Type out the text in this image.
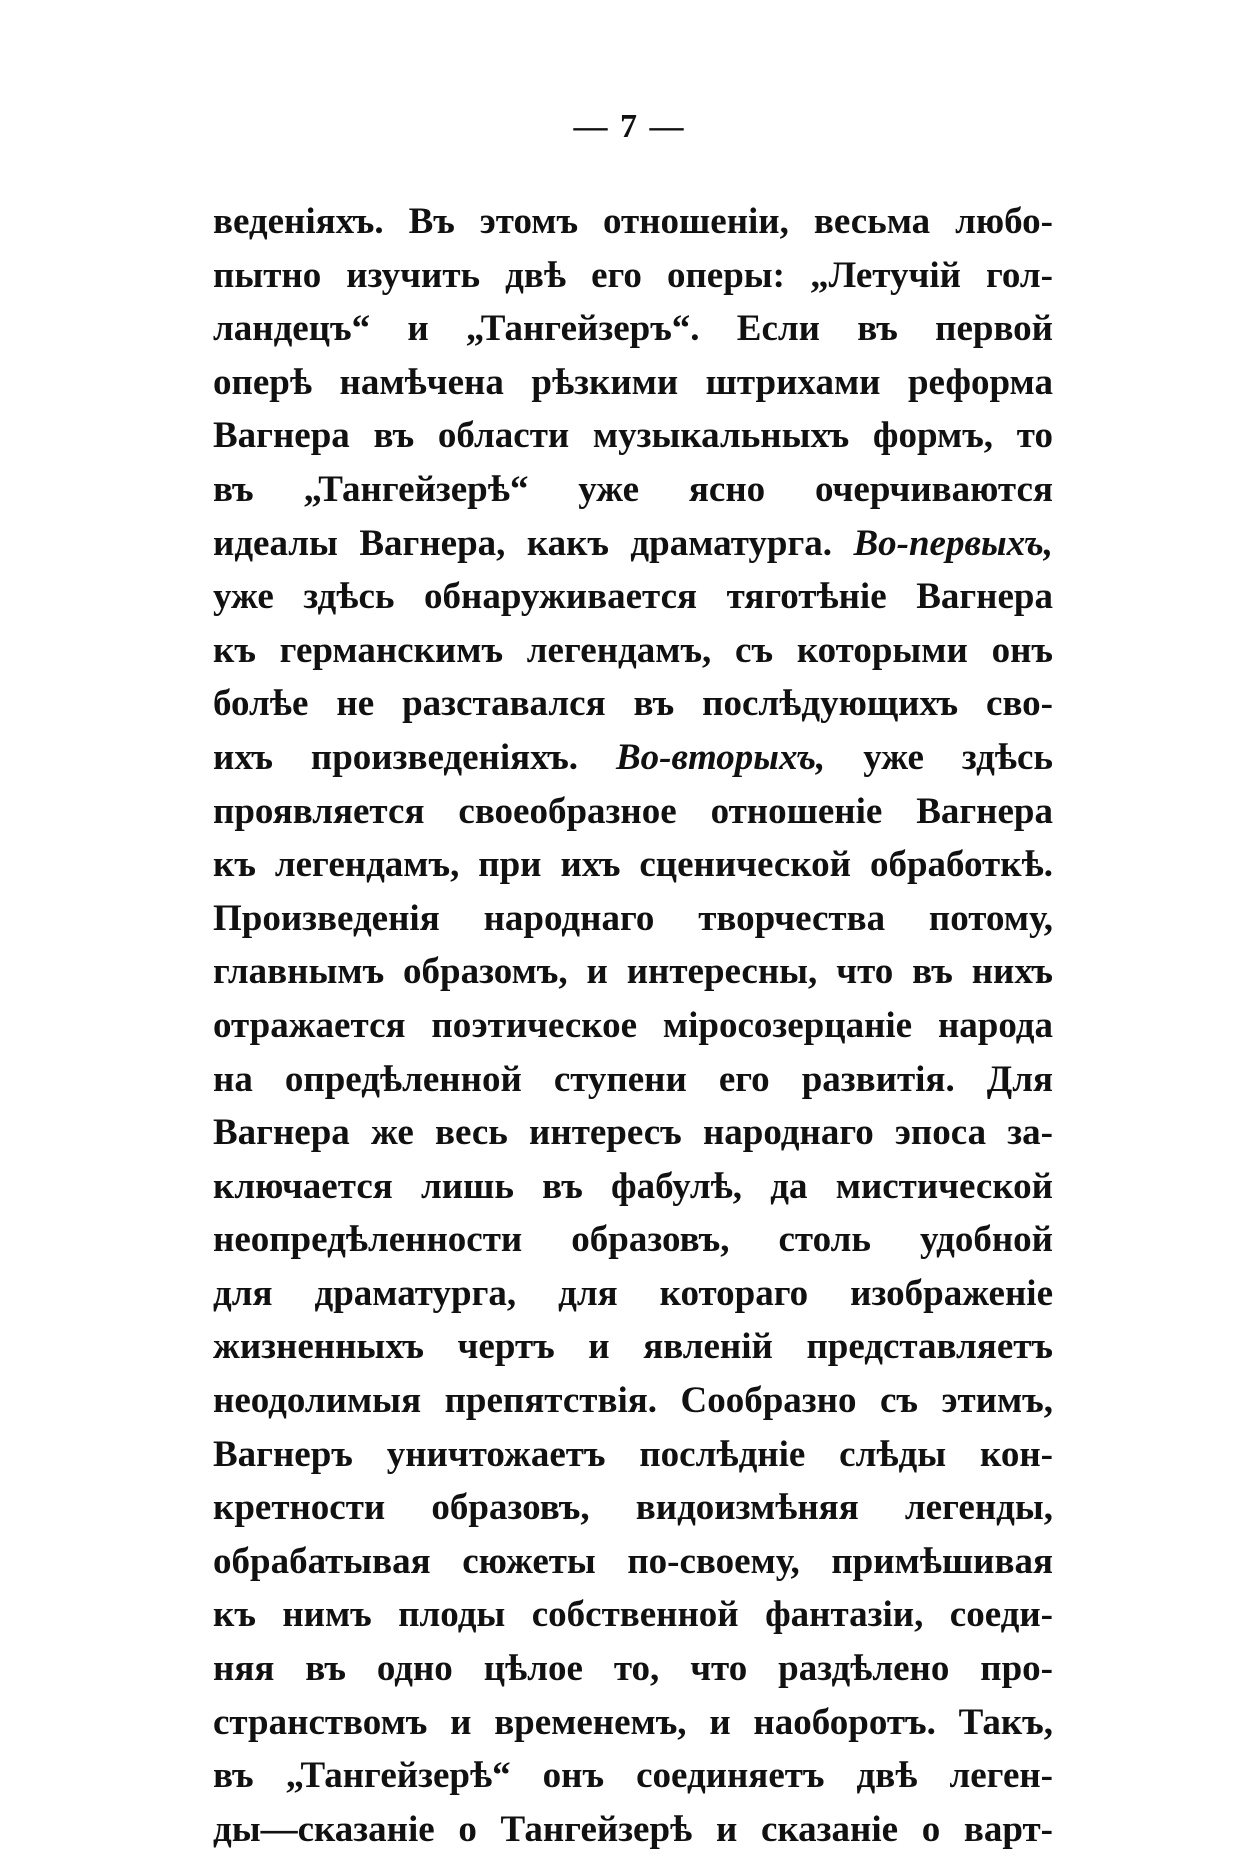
— 7 —
веденіяхъ. Въ этомъ отношеніи, весьма любо-
пытно изучить двѣ его оперы: „Летучій гол-
ландецъ“ и „Тангейзеръ“. Если въ первой
оперѣ намѣчена рѣзкими штрихами реформа
Вагнера въ области музыкальныхъ формъ, то
въ „Тангейзерѣ“ уже ясно очерчиваются
идеалы Вагнера, какъ драматурга. Во-первыхъ,
уже здѣсь обнаруживается тяготѣніе Вагнера
къ германскимъ легендамъ, съ которыми онъ
болѣе не разставался въ послѣдующихъ сво-
ихъ произведеніяхъ. Во-вторыхъ, уже здѣсь
проявляется своеобразное отношеніе Вагнера
къ легендамъ, при ихъ сценической обработкѣ.
Произведенія народнаго творчества потому,
главнымъ образомъ, и интересны, что въ нихъ
отражается поэтическое міросозерцаніе народа
на опредѣленной ступени его развитія. Для
Вагнера же весь интересъ народнаго эпоса за-
ключается лишь въ фабулѣ, да мистической
неопредѣленности образовъ, столь удобной
для драматурга, для котораго изображеніе
жизненныхъ чертъ и явленій представляетъ
неодолимыя препятствія. Сообразно съ этимъ,
Вагнеръ уничтожаетъ послѣдніе слѣды кон-
кретности образовъ, видоизмѣняя легенды,
обрабатывая сюжеты по-своему, примѣшивая
къ нимъ плоды собственной фантазіи, соеди-
няя въ одно цѣлое то, что раздѣлено про-
странствомъ и временемъ, и наоборотъ. Такъ,
въ „Тангейзерѣ“ онъ соединяетъ двѣ леген-
ды—сказаніе о Тангейзерѣ и сказаніе о варт-
